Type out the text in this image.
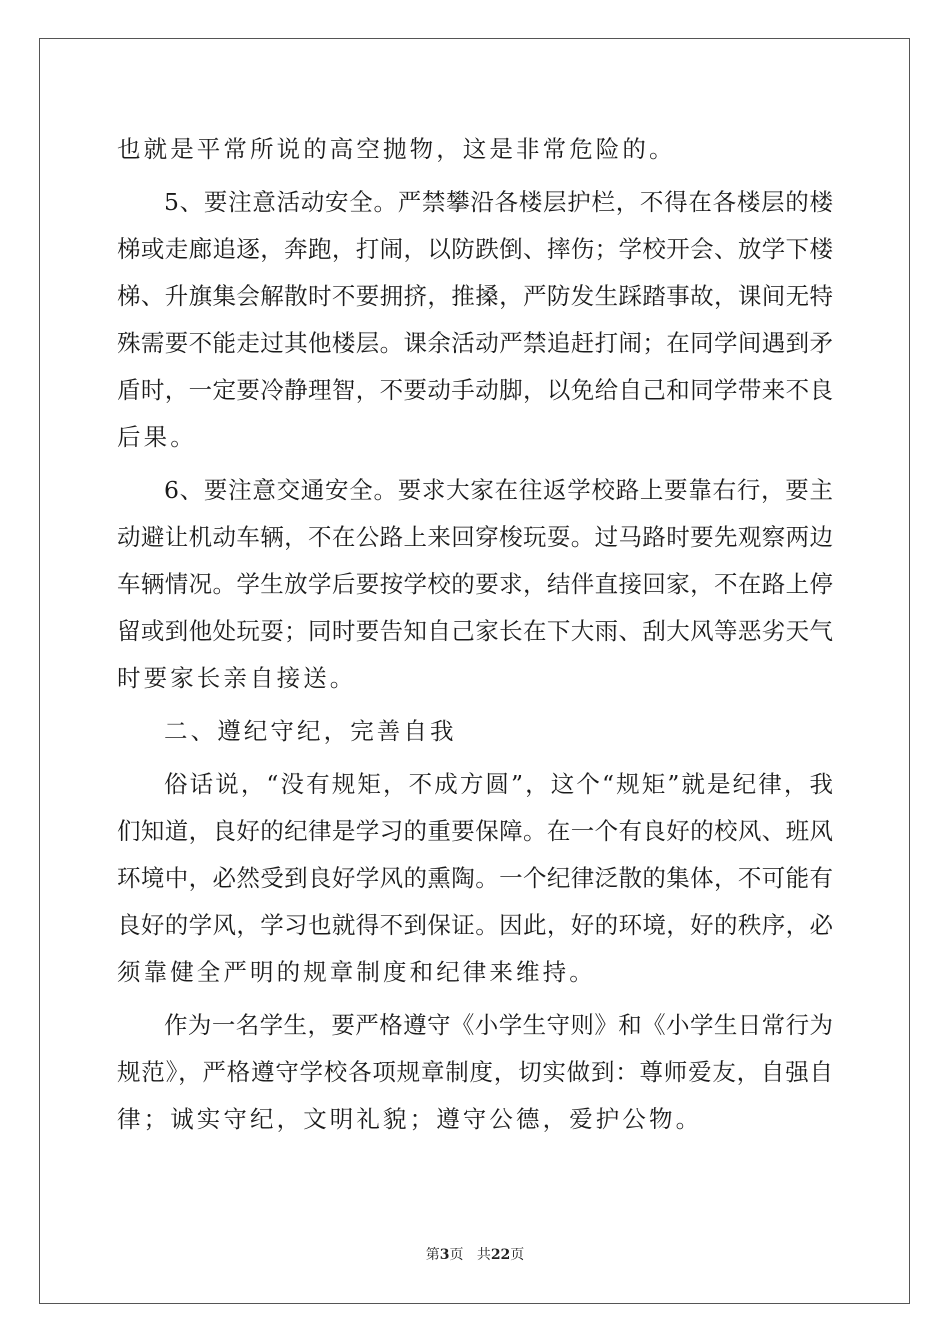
也就是平常所说的高空抛物，这是非常危险的。
5、要注意活动安全。严禁攀沿各楼层护栏，不得在各楼层的楼
梯或走廊追逐，奔跑，打闹，以防跌倒、摔伤；学校开会、放学下楼
梯、升旗集会解散时不要拥挤，推搡，严防发生踩踏事故，课间无特
殊需要不能走过其他楼层。课余活动严禁追赶打闹；在同学间遇到矛
盾时，一定要冷静理智，不要动手动脚，以免给自己和同学带来不良
后果。
6、要注意交通安全。要求大家在往返学校路上要靠右行，要主
动避让机动车辆，不在公路上来回穿梭玩耍。过马路时要先观察两边
车辆情况。学生放学后要按学校的要求，结伴直接回家，不在路上停
留或到他处玩耍；同时要告知自己家长在下大雨、刮大风等恶劣天气
时要家长亲自接送。
二、遵纪守纪，完善自我
俗话说，“没有规矩，不成方圆”，这个“规矩”就是纪律，我
们知道，良好的纪律是学习的重要保障。在一个有良好的校风、班风
环境中，必然受到良好学风的熏陶。一个纪律泛散的集体，不可能有
良好的学风，学习也就得不到保证。因此，好的环境，好的秩序，必
须靠健全严明的规章制度和纪律来维持。
作为一名学生，要严格遵守《小学生守则》和《小学生日常行为
规范》，严格遵守学校各项规章制度，切实做到：尊师爱友，自强自
律；诚实守纪，文明礼貌；遵守公德，爱护公物。
第3页 共22页
